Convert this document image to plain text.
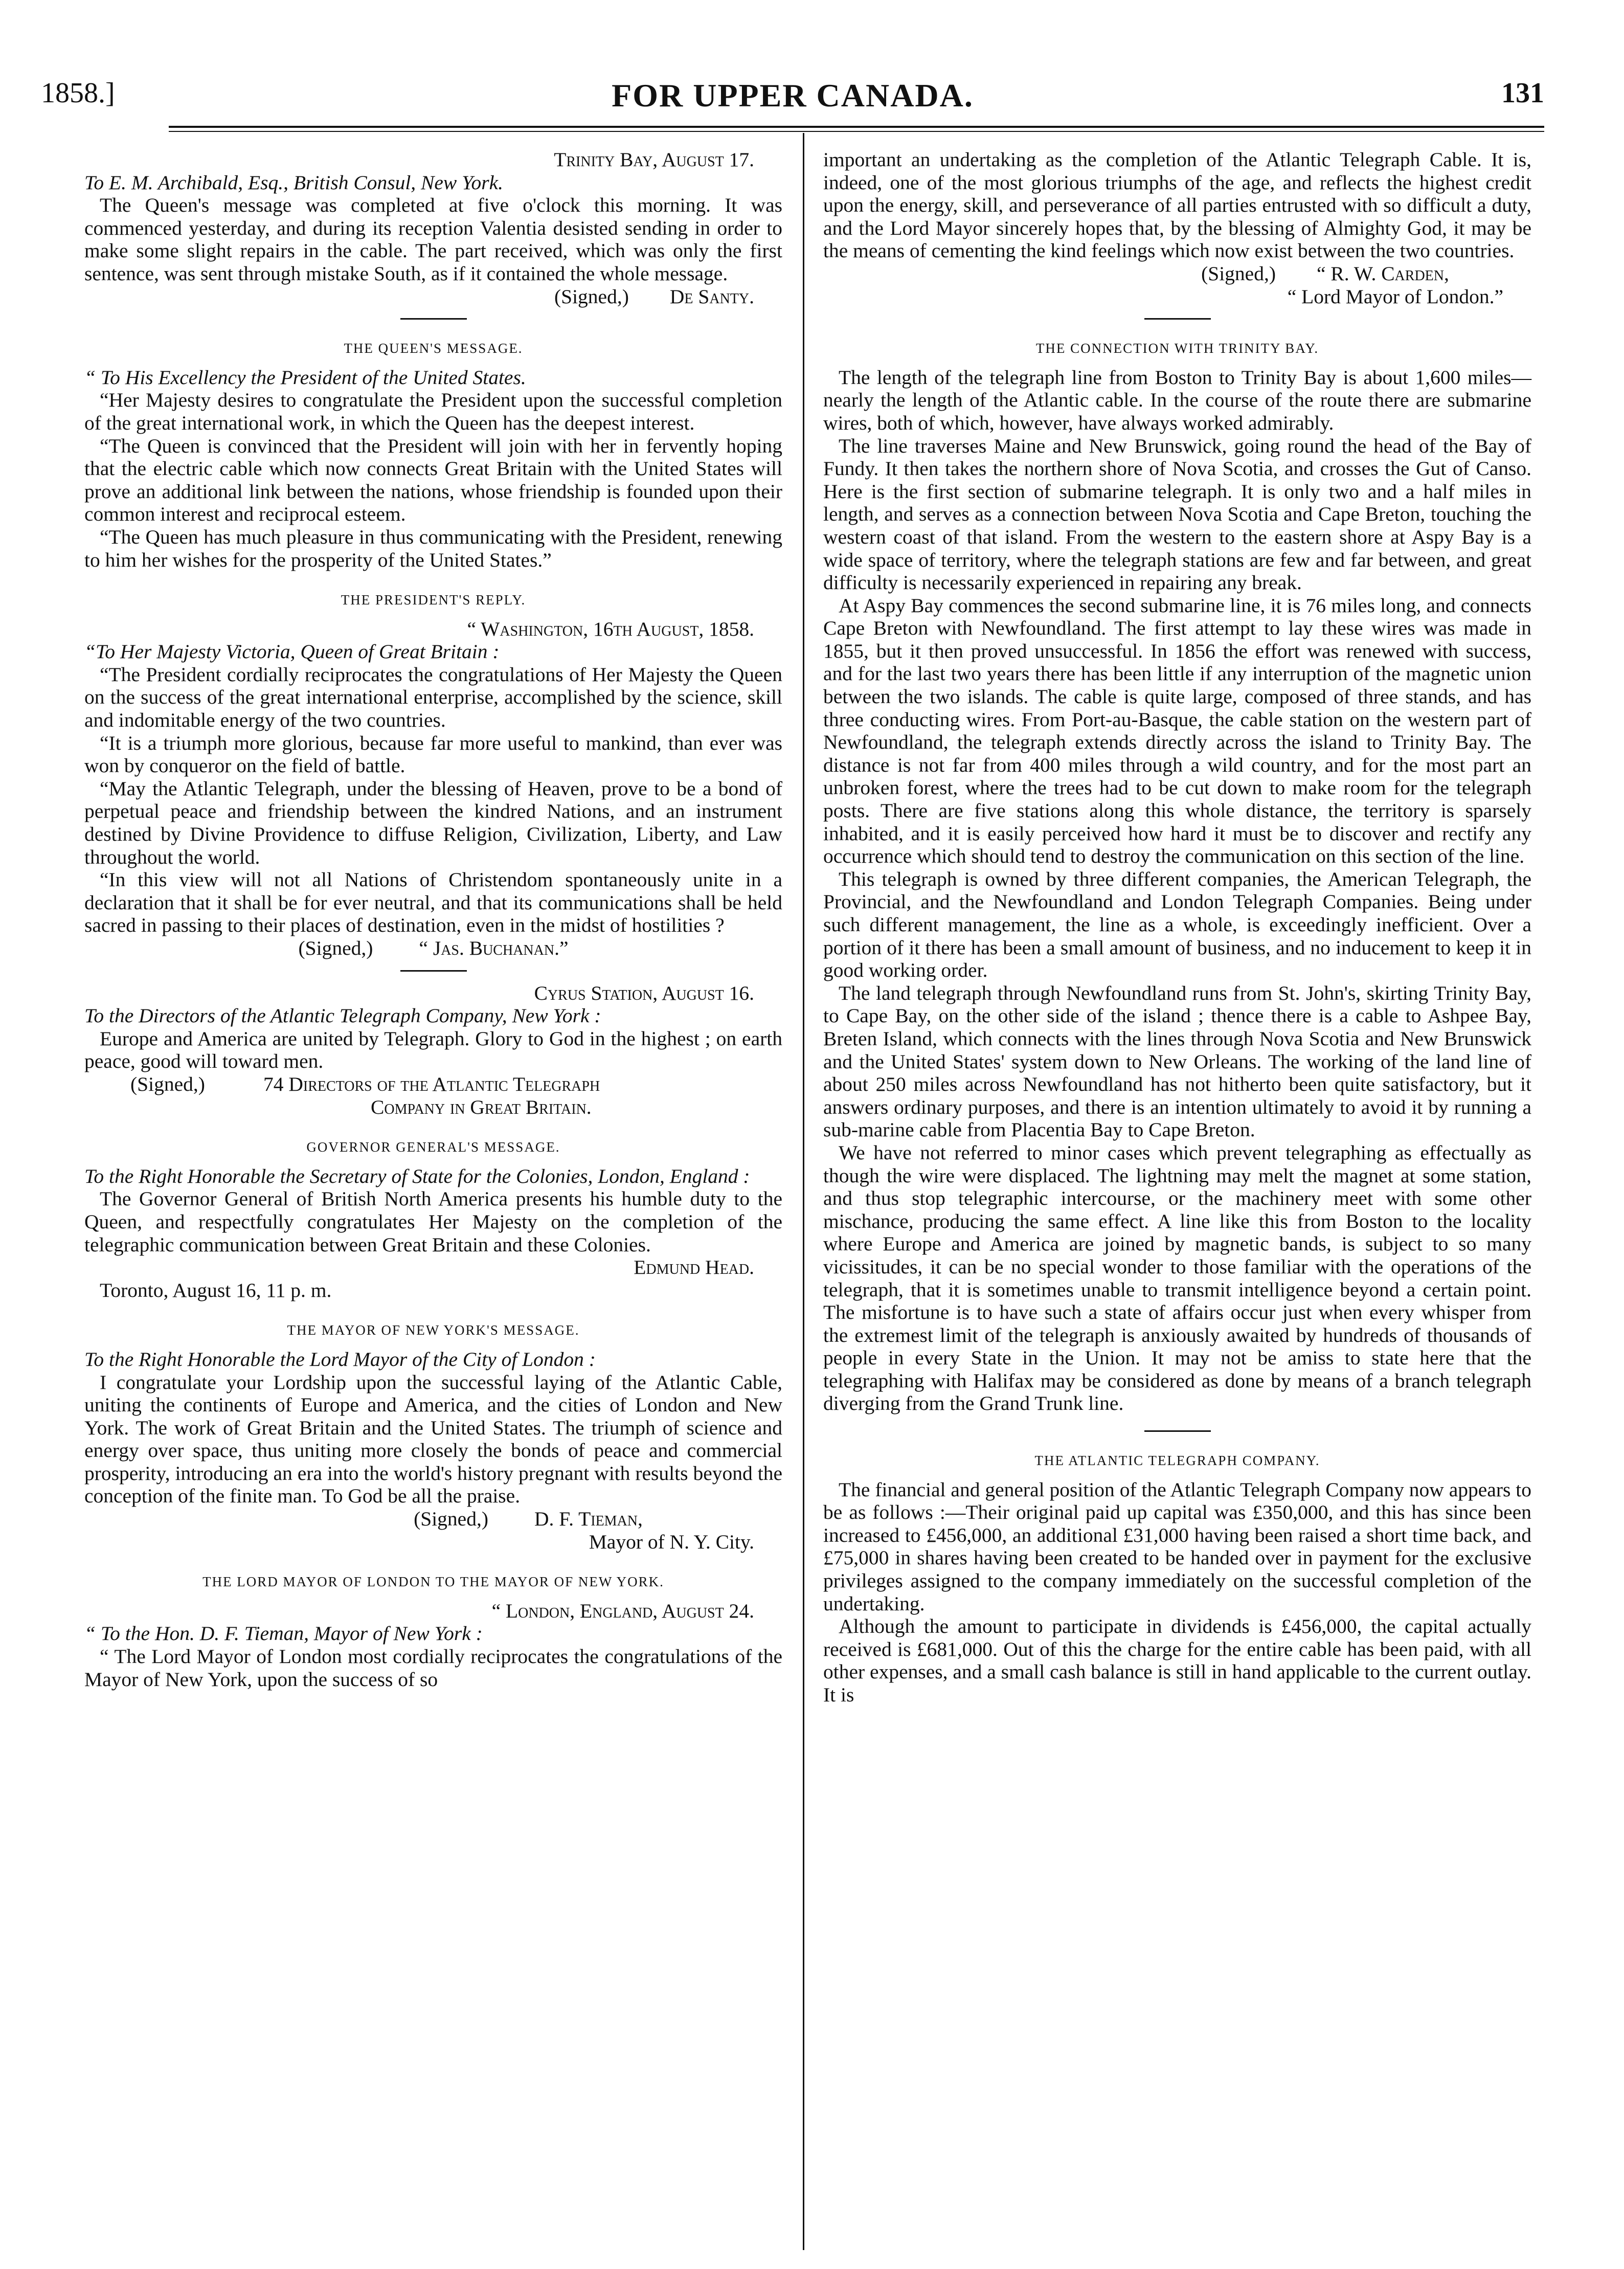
1858.]	FOR UPPER CANADA.	131

Trinity Bay, August 17.

To E. M. Archibald, Esq., British Consul, New York.

The Queen's message was completed at five o'clock this morning. It was commenced yesterday, and during its reception Valentia desisted sending in order to make some slight repairs in the cable. The part received, which was only the first sentence, was sent through mistake South, as if it contained the whole message.

(Signed,) De Santy.

THE QUEEN'S MESSAGE.

“ To His Excellency the President of the United States.

“Her Majesty desires to congratulate the President upon the successful completion of the great international work, in which the Queen has the deepest interest.

“The Queen is convinced that the President will join with her in fervently hoping that the electric cable which now connects Great Britain with the United States will prove an additional link between the nations, whose friendship is founded upon their common interest and reciprocal esteem.

“The Queen has much pleasure in thus communicating with the President, renewing to him her wishes for the prosperity of the United States.”

THE PRESIDENT'S REPLY.

“ Washington, 16th August, 1858.

“To Her Majesty Victoria, Queen of Great Britain :

“The President cordially reciprocates the congratulations of Her Majesty the Queen on the success of the great international enterprise, accomplished by the science, skill and indomitable energy of the two countries.

“It is a triumph more glorious, because far more useful to mankind, than ever was won by conqueror on the field of battle.

“May the Atlantic Telegraph, under the blessing of Heaven, prove to be a bond of perpetual peace and friendship between the kindred Nations, and an instrument destined by Divine Providence to diffuse Religion, Civilization, Liberty, and Law throughout the world.

“In this view will not all Nations of Christendom spontaneously unite in a declaration that it shall be for ever neutral, and that its communications shall be held sacred in passing to their places of destination, even in the midst of hostilities ?

(Signed,) “ Jas. Buchanan.”

Cyrus Station, August 16.

To the Directors of the Atlantic Telegraph Company, New York :

Europe and America are united by Telegraph. Glory to God in the highest ; on earth peace, good will toward men.

(Signed,)	74 Directors of the Atlantic Telegraph
Company in Great Britain.

GOVERNOR GENERAL'S MESSAGE.

To the Right Honorable the Secretary of State for the Colonies, London, England :

The Governor General of British North America presents his humble duty to the Queen, and respectfully congratulates Her Majesty on the completion of the telegraphic communication between Great Britain and these Colonies.

Edmund Head.

Toronto, August 16, 11 p. m.

THE MAYOR OF NEW YORK'S MESSAGE.

To the Right Honorable the Lord Mayor of the City of London :

I congratulate your Lordship upon the successful laying of the Atlantic Cable, uniting the continents of Europe and America, and the cities of London and New York. The work of Great Britain and the United States. The triumph of science and energy over space, thus uniting more closely the bonds of peace and commercial prosperity, introducing an era into the world's history pregnant with results beyond the conception of the finite man. To God be all the praise.

(Signed,) D. F. Tieman,

Mayor of N. Y. City.

THE LORD MAYOR OF LONDON TO THE MAYOR OF NEW YORK.

“ London, England, August 24.

“ To the Hon. D. F. Tieman, Mayor of New York :

“ The Lord Mayor of London most cordially reciprocates the congratulations of the Mayor of New York, upon the success of so

important an undertaking as the completion of the Atlantic Telegraph Cable. It is, indeed, one of the most glorious triumphs of the age, and reflects the highest credit upon the energy, skill, and perseverance of all parties entrusted with so difficult a duty, and the Lord Mayor sincerely hopes that, by the blessing of Almighty God, it may be the means of cementing the kind feelings which now exist between the two countries.

(Signed,) “ R. W. Carden,

“ Lord Mayor of London.”

THE CONNECTION WITH TRINITY BAY.

The length of the telegraph line from Boston to Trinity Bay is about 1,600 miles—nearly the length of the Atlantic cable. In the course of the route there are submarine wires, both of which, however, have always worked admirably.

The line traverses Maine and New Brunswick, going round the head of the Bay of Fundy. It then takes the northern shore of Nova Scotia, and crosses the Gut of Canso. Here is the first section of submarine telegraph. It is only two and a half miles in length, and serves as a connection between Nova Scotia and Cape Breton, touching the western coast of that island. From the western to the eastern shore at Aspy Bay is a wide space of territory, where the telegraph stations are few and far between, and great difficulty is necessarily experienced in repairing any break.

At Aspy Bay commences the second submarine line, it is 76 miles long, and connects Cape Breton with Newfoundland. The first attempt to lay these wires was made in 1855, but it then proved unsuccessful. In 1856 the effort was renewed with success, and for the last two years there has been little if any interruption of the magnetic union between the two islands. The cable is quite large, composed of three stands, and has three conducting wires. From Port-au-Basque, the cable station on the western part of Newfoundland, the telegraph extends directly across the island to Trinity Bay. The distance is not far from 400 miles through a wild country, and for the most part an unbroken forest, where the trees had to be cut down to make room for the telegraph posts. There are five stations along this whole distance, the territory is sparsely inhabited, and it is easily perceived how hard it must be to discover and rectify any occurrence which should tend to destroy the communication on this section of the line.

This telegraph is owned by three different companies, the American Telegraph, the Provincial, and the Newfoundland and London Telegraph Companies. Being under such different management, the line as a whole, is exceedingly inefficient. Over a portion of it there has been a small amount of business, and no inducement to keep it in good working order.

The land telegraph through Newfoundland runs from St. John's, skirting Trinity Bay, to Cape Bay, on the other side of the island ; thence there is a cable to Ashpee Bay, Breten Island, which connects with the lines through Nova Scotia and New Brunswick and the United States' system down to New Orleans. The working of the land line of about 250 miles across Newfoundland has not hitherto been quite satisfactory, but it answers ordinary purposes, and there is an intention ultimately to avoid it by running a sub-marine cable from Placentia Bay to Cape Breton.

We have not referred to minor cases which prevent telegraphing as effectually as though the wire were displaced. The lightning may melt the magnet at some station, and thus stop telegraphic intercourse, or the machinery meet with some other mischance, producing the same effect. A line like this from Boston to the locality where Europe and America are joined by magnetic bands, is subject to so many vicissitudes, it can be no special wonder to those familiar with the operations of the telegraph, that it is sometimes unable to transmit intelligence beyond a certain point. The misfortune is to have such a state of affairs occur just when every whisper from the extremest limit of the telegraph is anxiously awaited by hundreds of thousands of people in every State in the Union. It may not be amiss to state here that the telegraphing with Halifax may be considered as done by means of a branch telegraph diverging from the Grand Trunk line.

THE ATLANTIC TELEGRAPH COMPANY.

The financial and general position of the Atlantic Telegraph Company now appears to be as follows :—Their original paid up capital was £350,000, and this has since been increased to £456,000, an additional £31,000 having been raised a short time back, and £75,000 in shares having been created to be handed over in payment for the exclusive privileges assigned to the company immediately on the successful completion of the undertaking.

Although the amount to participate in dividends is £456,000, the capital actually received is £681,000. Out of this the charge for the entire cable has been paid, with all other expenses, and a small cash balance is still in hand applicable to the current outlay. It is
